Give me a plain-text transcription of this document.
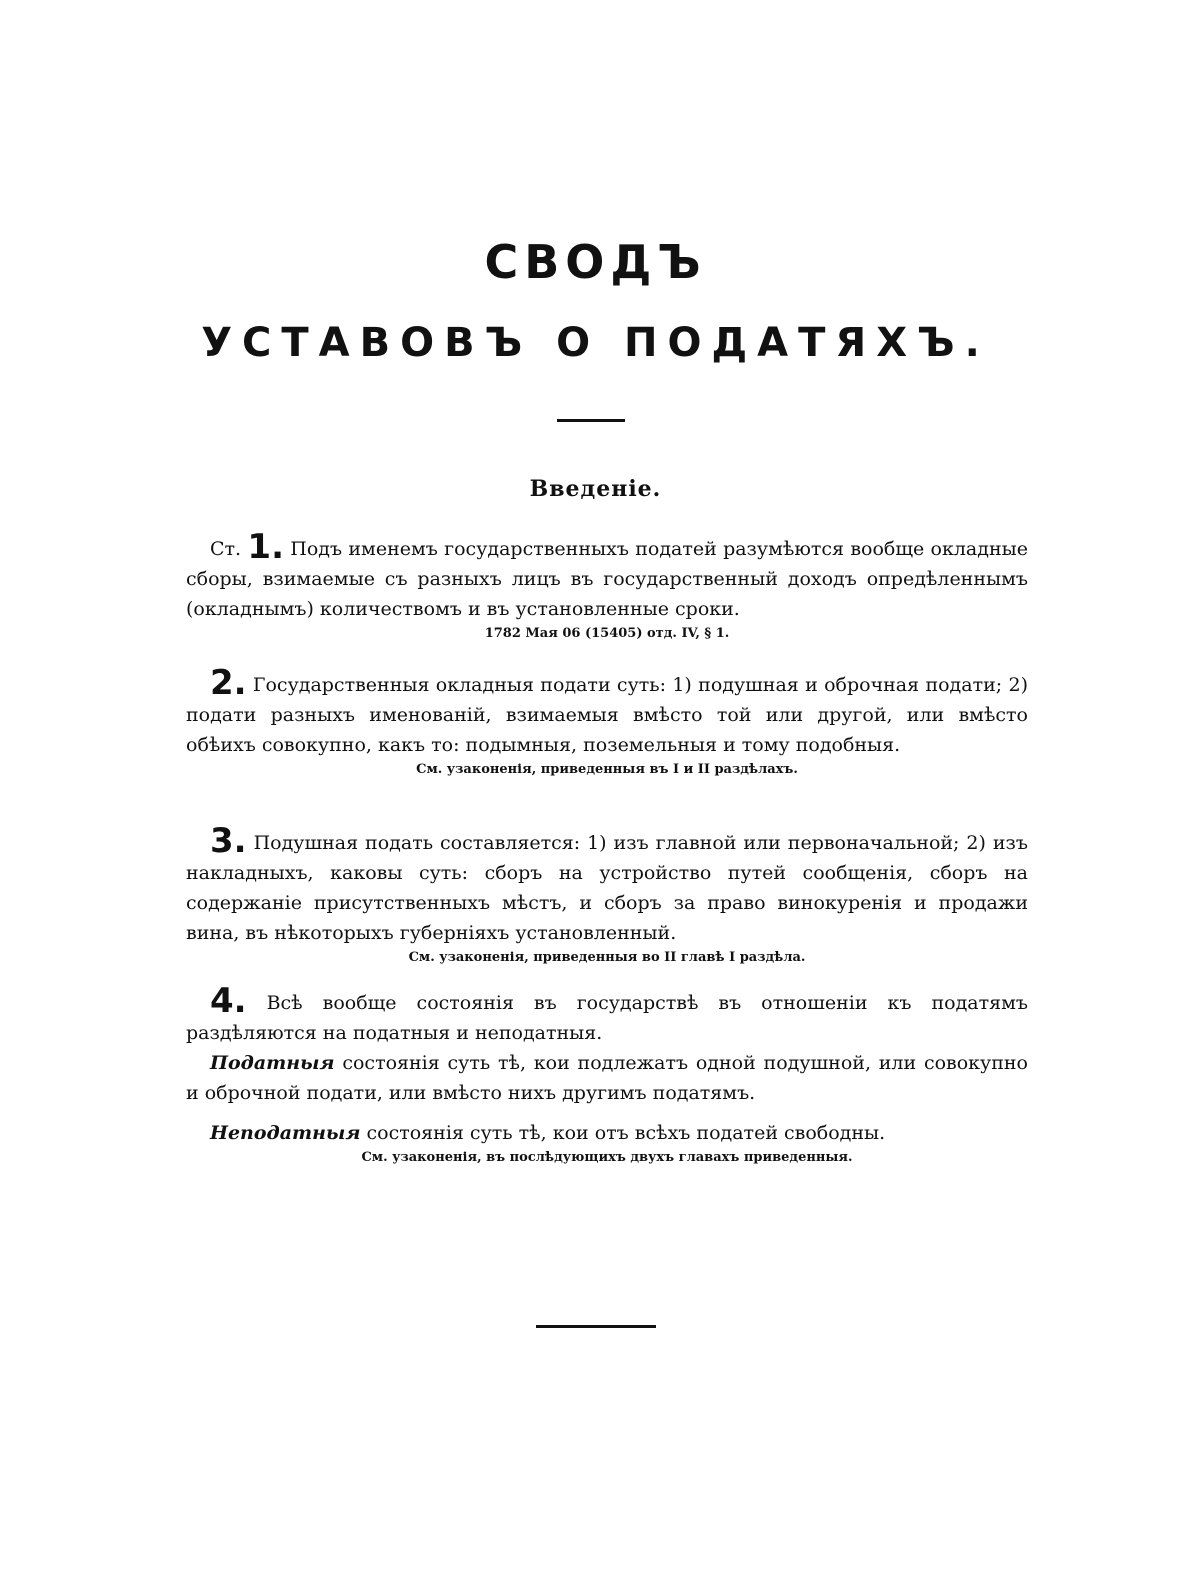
СВОДЪ
УСТАВОВЪ О ПОДАТЯХЪ.
Введеніе.

Ст. 1. Подъ именемъ государственныхъ податей разумѣются вообще окладные сборы, взимаемые съ разныхъ лицъ въ государственный доходъ опредѣленнымъ (окладнымъ) количествомъ и въ установленные сроки.

1782 Мая 06 (15405) отд. IV, § 1.

2. Государственныя окладныя подати суть: 1) подушная и оброчная подати; 2) подати разныхъ именованій, взимаемыя вмѣсто той или другой, или вмѣсто обѣихъ совокупно, какъ то: подымныя, поземельныя и тому подобныя.

См. узаконенія, приведенныя въ I и II раздѣлахъ.

3. Подушная подать составляется: 1) изъ главной или первоначальной; 2) изъ накладныхъ, каковы суть: сборъ на устройство путей сообщенія, сборъ на содержаніе присутственныхъ мѣстъ, и сборъ за право винокуренія и продажи вина, въ нѣкоторыхъ губерніяхъ установленный.

См. узаконенія, приведенныя во II главѣ I раздѣла.

4. Всѣ вообще состоянія въ государствѣ въ отношеніи къ податямъ раздѣляются на податныя и неподатныя.

Податныя состоянія суть тѣ, кои подлежатъ одной подушной, или совокупно и оброчной подати, или вмѣсто нихъ другимъ податямъ.

Неподатныя состоянія суть тѣ, кои отъ всѣхъ податей свободны.

См. узаконенія, въ послѣдующихъ двухъ главахъ приведенныя.
